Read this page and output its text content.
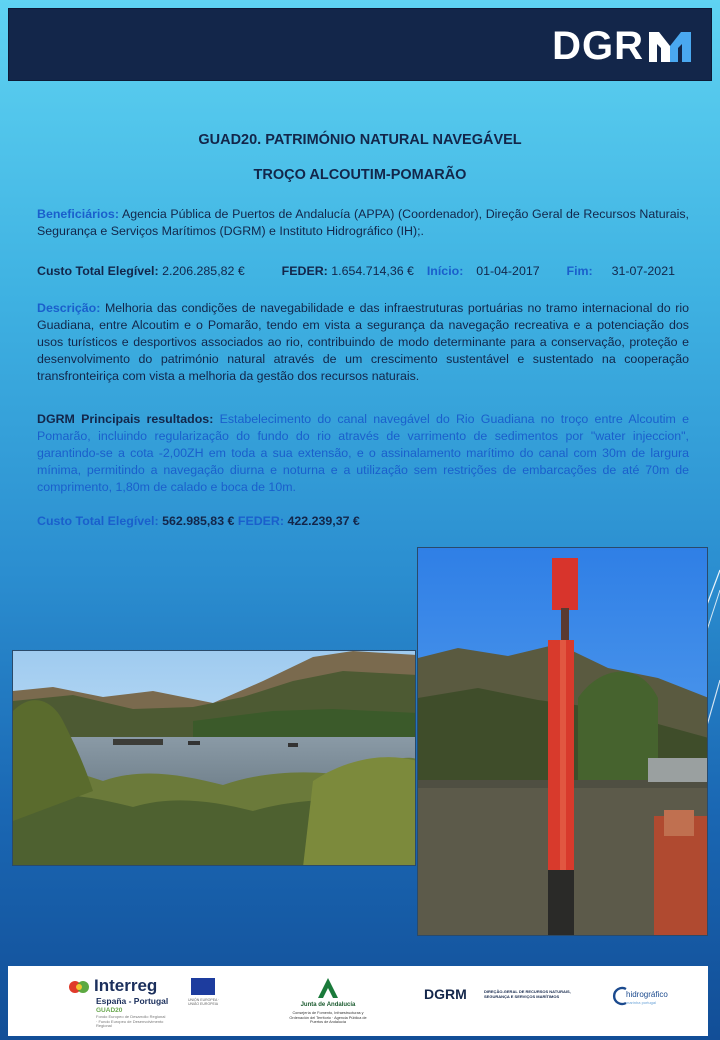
DGR
GUAD20. PATRIMÓNIO NATURAL NAVEGÁVEL
TROÇO ALCOUTIM-POMARÃO
Beneficiários: Agencia Pública de Puertos de Andalucía (APPA) (Coordenador), Direção Geral de Recursos Naturais, Segurança e Serviços Marítimos (DGRM) e Instituto Hidrográfico (IH);.
Custo Total Elegível: 2.206.285,82 €	FEDER: 1.654.714,36 € Início: 01-04-2017 Fim: 31-07-2021
Descrição: Melhoria das condições de navegabilidade e das infraestruturas portuárias no tramo internacional do rio Guadiana, entre Alcoutim e o Pomarão, tendo em vista a segurança da navegação recreativa e a potenciação dos usos turísticos e desportivos associados ao rio, contribuindo de modo determinante para a conservação, proteção e desenvolvimento do património natural através de um crescimento sustentável e sustentado na cooperação transfronteiriça com vista a melhoria da gestão dos recursos naturais.
DGRM Principais resultados: Estabelecimento do canal navegável do Rio Guadiana no troço entre Alcoutim e Pomarão, incluindo regularização do fundo do rio através de varrimento de sedimentos por "water injeccion", garantindo-se a cota -2,00ZH em toda a sua extensão, e o assinalamento marítimo do canal com 30m de largura mínima, permitindo a navegação diurna e noturna e a utilização sem restrições de embarcações de até 70m de comprimento, 1,80m de calado e boca de 10m.
Custo Total Elegível: 562.985,83 € FEDER: 422.239,37 €
Interreg
España - Portugal
GUAD20
Fondo Europeo de Desarrollo Regional · Fundo Europeu de Desenvolvimento Regional
UNIÓN EUROPEA · UNIÃO EUROPEIA	Junta de Andalucía
Consejería de Fomento, Infraestructuras y Ordenación del Territorio · Agencia Pública de Puertos de Andalucía
DGRM	DIREÇÃO-GERAL DE RECURSOS NATURAIS, SEGURANÇA E SERVIÇOS MARÍTIMOS	hidrográfico
marinha portugal
